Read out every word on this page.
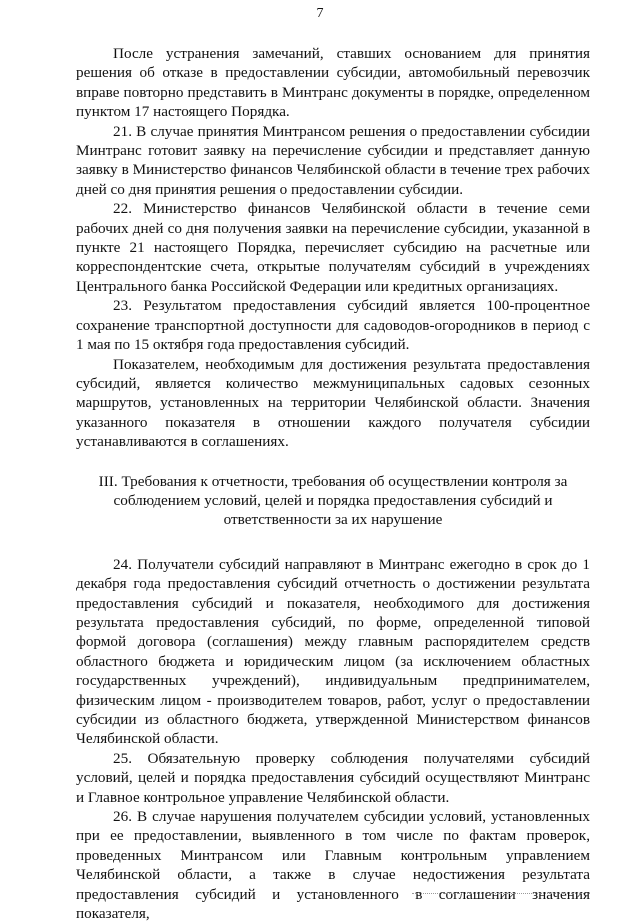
7

После устранения замечаний, ставших основанием для принятия решения об отказе в предоставлении субсидии, автомобильный перевозчик вправе повторно представить в Минтранс документы в порядке, определенном пунктом 17 настоящего Порядка.

21. В случае принятия Минтрансом решения о предоставлении субсидии Минтранс готовит заявку на перечисление субсидии и представляет данную заявку в Министерство финансов Челябинской области в течение трех рабочих дней со дня принятия решения о предоставлении субсидии.

22. Министерство финансов Челябинской области в течение семи рабочих дней со дня получения заявки на перечисление субсидии, указанной в пункте 21 настоящего Порядка, перечисляет субсидию на расчетные или корреспондентские счета, открытые получателям субсидий в учреждениях Центрального банка Российской Федерации или кредитных организациях.

23. Результатом предоставления субсидий является 100-процентное сохранение транспортной доступности для садоводов-огородников в период с 1 мая по 15 октября года предоставления субсидий.

Показателем, необходимым для достижения результата предоставления субсидий, является количество межмуниципальных садовых сезонных маршрутов, установленных на территории Челябинской области. Значения указанного показателя в отношении каждого получателя субсидии устанавливаются в соглашениях.

III. Требования к отчетности, требования об осуществлении контроля за соблюдением условий, целей и порядка предоставления субсидий и ответственности за их нарушение

24. Получатели субсидий направляют в Минтранс ежегодно в срок до 1 декабря года предоставления субсидий отчетность о достижении результата предоставления субсидий и показателя, необходимого для достижения результата предоставления субсидий, по форме, определенной типовой формой договора (соглашения) между главным распорядителем средств областного бюджета и юридическим лицом (за исключением областных государственных учреждений), индивидуальным предпринимателем, физическим лицом - производителем товаров, работ, услуг о предоставлении субсидии из областного бюджета, утвержденной Министерством финансов Челябинской области.

25. Обязательную проверку соблюдения получателями субсидий условий, целей и порядка предоставления субсидий осуществляют Минтранс и Главное контрольное управление Челябинской области.

26. В случае нарушения получателем субсидии условий, установленных при ее предоставлении, выявленного в том числе по фактам проверок, проведенных Минтрансом или Главным контрольным управлением Челябинской области, а также в случае недостижения результата предоставления субсидий и установленного в соглашении значения показателя,
